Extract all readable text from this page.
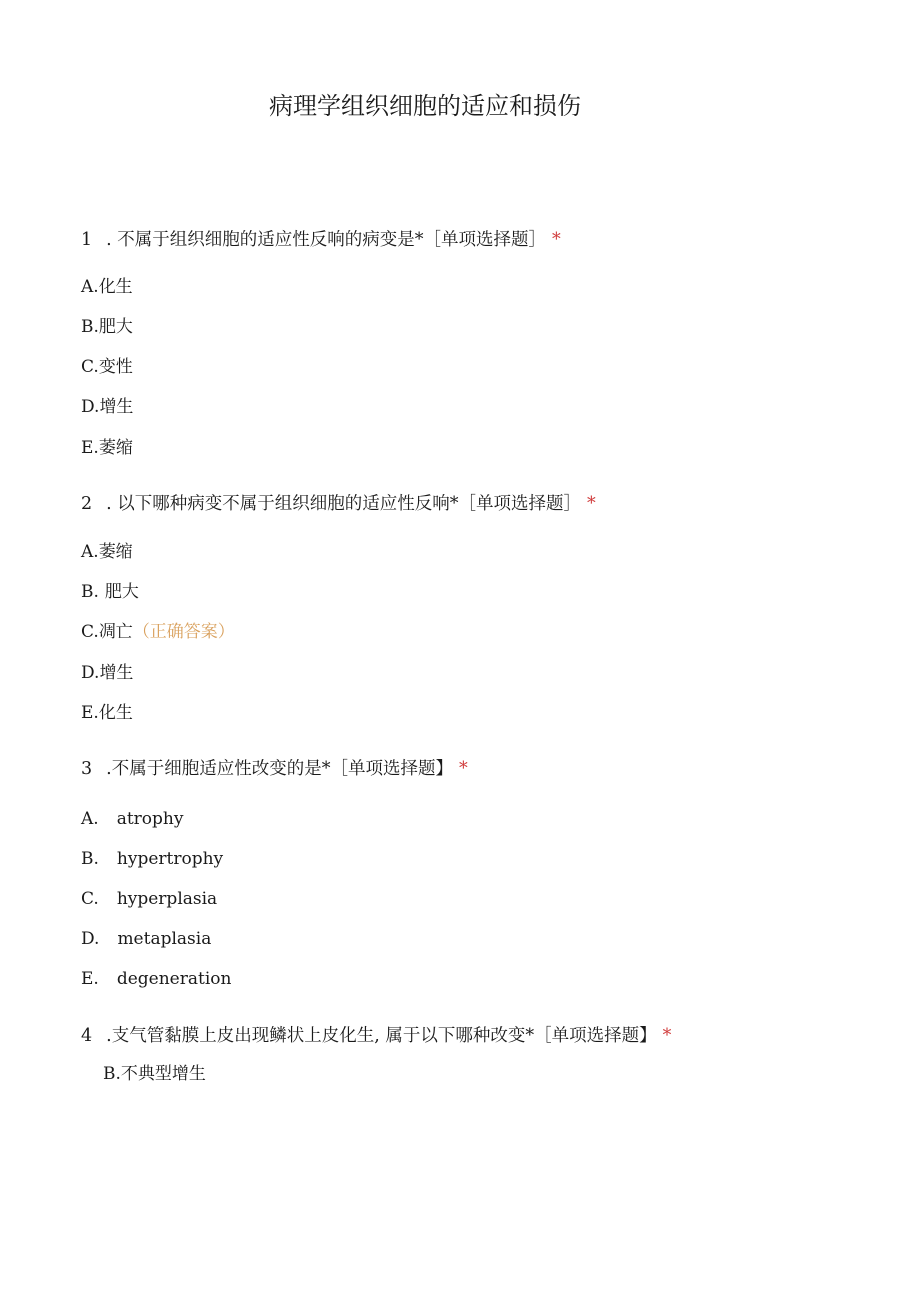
病理学组织细胞的适应和损伤
1 . 不属于组织细胞的适应性反响的病变是*［单项选择题］ *
A.化生
B.肥大
C.变性
D.增生
E.萎缩
2 . 以下哪种病变不属于组织细胞的适应性反响*［单项选择题］ *
A.萎缩
B. 肥大
C.凋亡（正确答案）
D.增生
E.化生
3 .不属于细胞适应性改变的是*［单项选择题】 *
A. atrophy
B. hypertrophy
C. hyperplasia
D. metaplasia
E. degeneration
4 .支气管黏膜上皮出现鳞状上皮化生, 属于以下哪种改变*［单项选择题】 *
B.不典型增生
